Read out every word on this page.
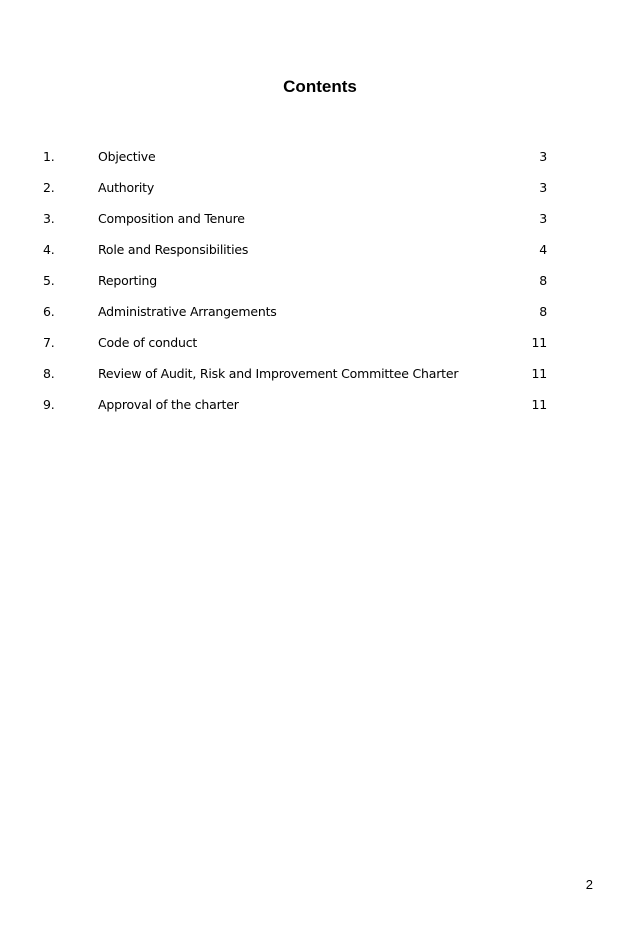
Contents
1.	Objective	3
2.	Authority	3
3.	Composition and Tenure	3
4.	Role and Responsibilities	4
5.	Reporting	8
6.	Administrative Arrangements	8
7.	Code of conduct	11
8.	Review of Audit, Risk and Improvement Committee Charter	11
9.	Approval of the charter	11
2
